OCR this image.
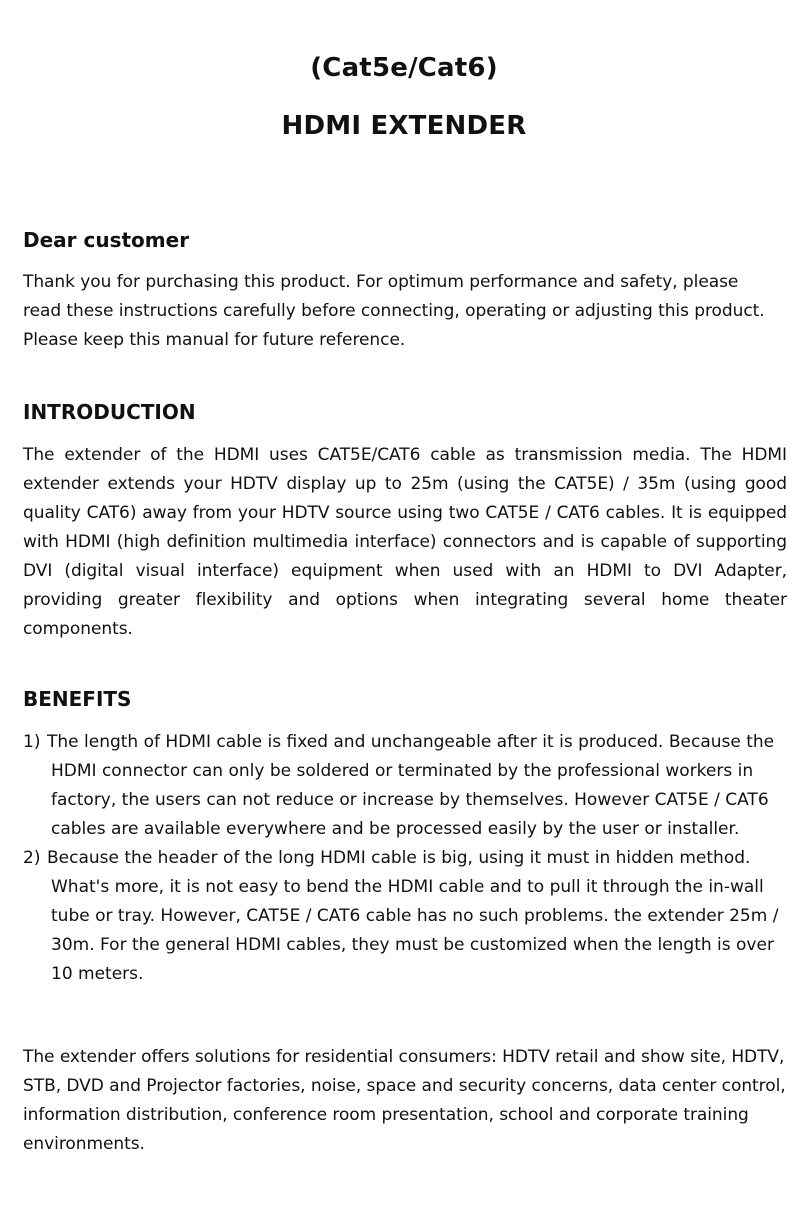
(Cat5e/Cat6)
HDMI EXTENDER
Dear customer

Thank you for purchasing this product. For optimum performance and safety, please read these instructions carefully before connecting, operating or adjusting this product. Please keep this manual for future reference.

INTRODUCTION

The extender of the HDMI uses CAT5E/CAT6 cable as transmission media. The HDMI extender extends your HDTV display up to 25m (using the CAT5E) / 35m (using good quality CAT6) away from your HDTV source using two CAT5E / CAT6 cables. It is equipped with HDMI (high definition multimedia interface) connectors and is capable of supporting DVI (digital visual interface) equipment when used with an HDMI to DVI Adapter, providing greater flexibility and options when integrating several home theater components.

BENEFITS
1) The length of HDMI cable is fixed and unchangeable after it is produced. Because the HDMI connector can only be soldered or terminated by the professional workers in factory, the users can not reduce or increase by themselves. However CAT5E / CAT6 cables are available everywhere and be processed easily by the user or installer.
2) Because the header of the long HDMI cable is big, using it must in hidden method. What's more, it is not easy to bend the HDMI cable and to pull it through the in-wall tube or tray. However, CAT5E / CAT6 cable has no such problems. the extender 25m / 30m. For the general HDMI cables, they must be customized when the length is over 10 meters.

The extender offers solutions for residential consumers: HDTV retail and show site, HDTV, STB, DVD and Projector factories, noise, space and security concerns, data center control, information distribution, conference room presentation, school and corporate training environments.
